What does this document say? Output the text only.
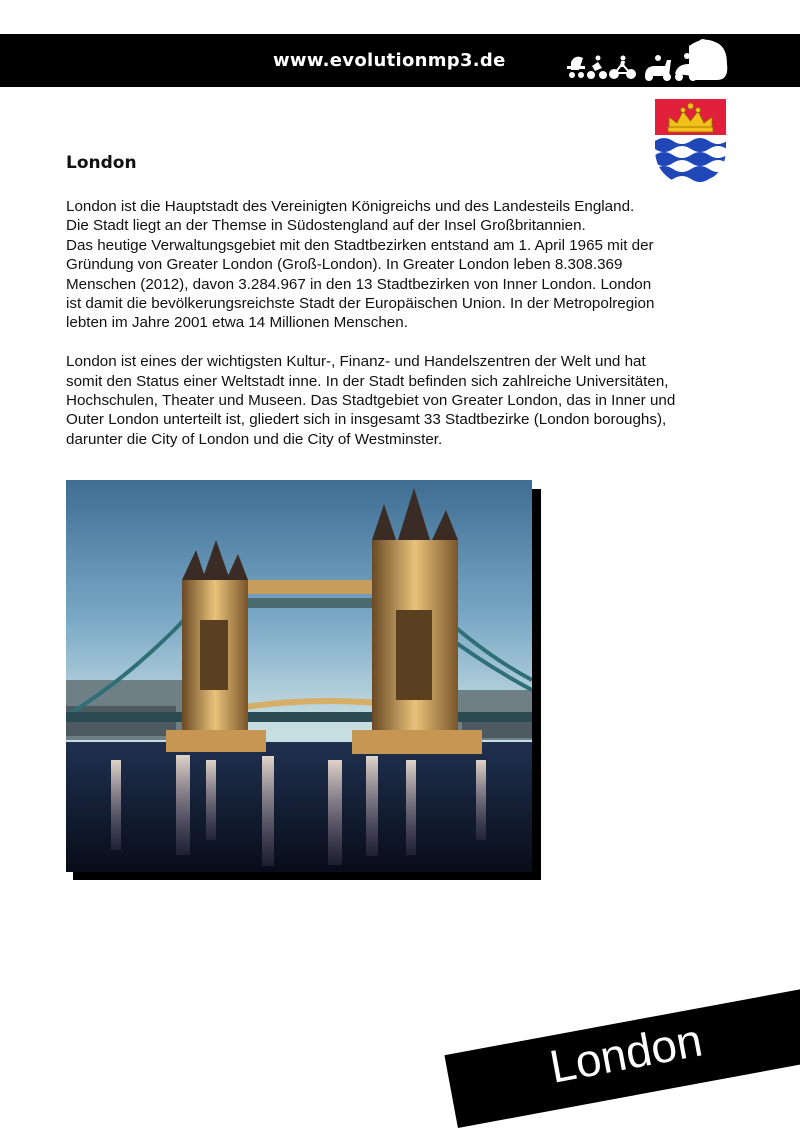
www.evolutionmp3.de
London

London ist die Hauptstadt des Vereinigten Königreichs und des Landesteils England.
Die Stadt liegt an der Themse in Südostengland auf der Insel Großbritannien.
Das heutige Verwaltungsgebiet mit den Stadtbezirken entstand am 1. April 1965 mit der
Gründung von Greater London (Groß-London). In Greater London leben 8.308.369
Menschen (2012), davon 3.284.967 in den 13 Stadtbezirken von Inner London. London
ist damit die bevölkerungsreichste Stadt der Europäischen Union. In der Metropolregion
lebten im Jahre 2001 etwa 14 Millionen Menschen.

London ist eines der wichtigsten Kultur-, Finanz- und Handelszentren der Welt und hat
somit den Status einer Weltstadt inne. In der Stadt befinden sich zahlreiche Universitäten,
Hochschulen, Theater und Museen. Das Stadtgebiet von Greater London, das in Inner und
Outer London unterteilt ist, gliedert sich in insgesamt 33 Stadtbezirke (London boroughs),
darunter die City of London und die City of Westminster.

London
